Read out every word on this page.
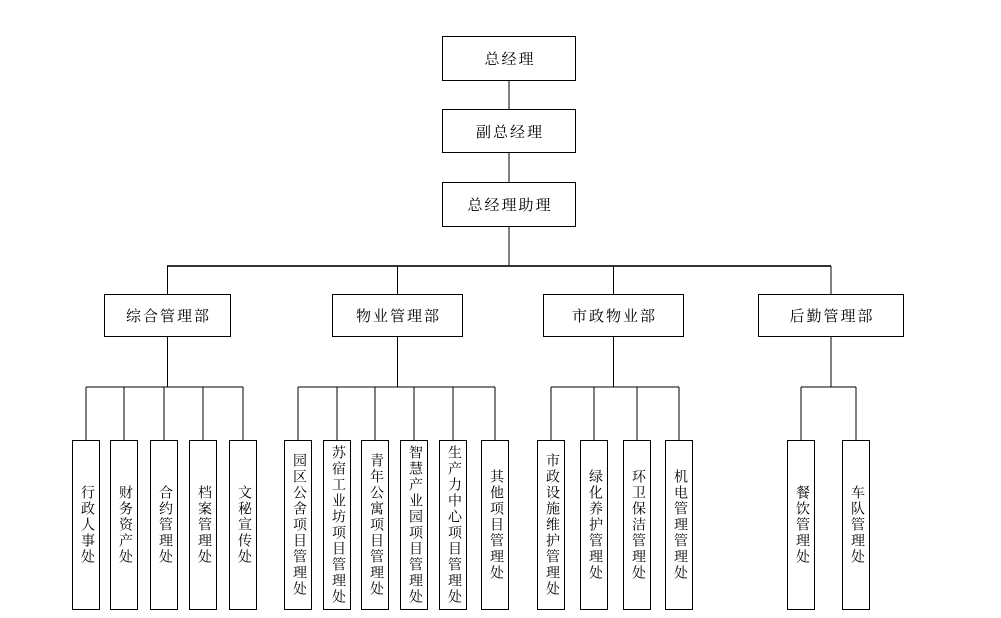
总经理
副总经理
总经理助理
综合管理部	物业管理部	市政物业部	后勤管理部
行政人事处 财务资产处 合约管理处 档案管理处 文秘宣传处	园区公舍项目管理处 苏宿工业坊项目管理处 青年公寓项目管理处 智慧产业园项目管理处 生产力中心项目管理处 其他项目管理处	市政设施维护管理处 绿化养护管理处 环卫保洁管理处 机电管理管理处	餐饮管理处	车队管理处
